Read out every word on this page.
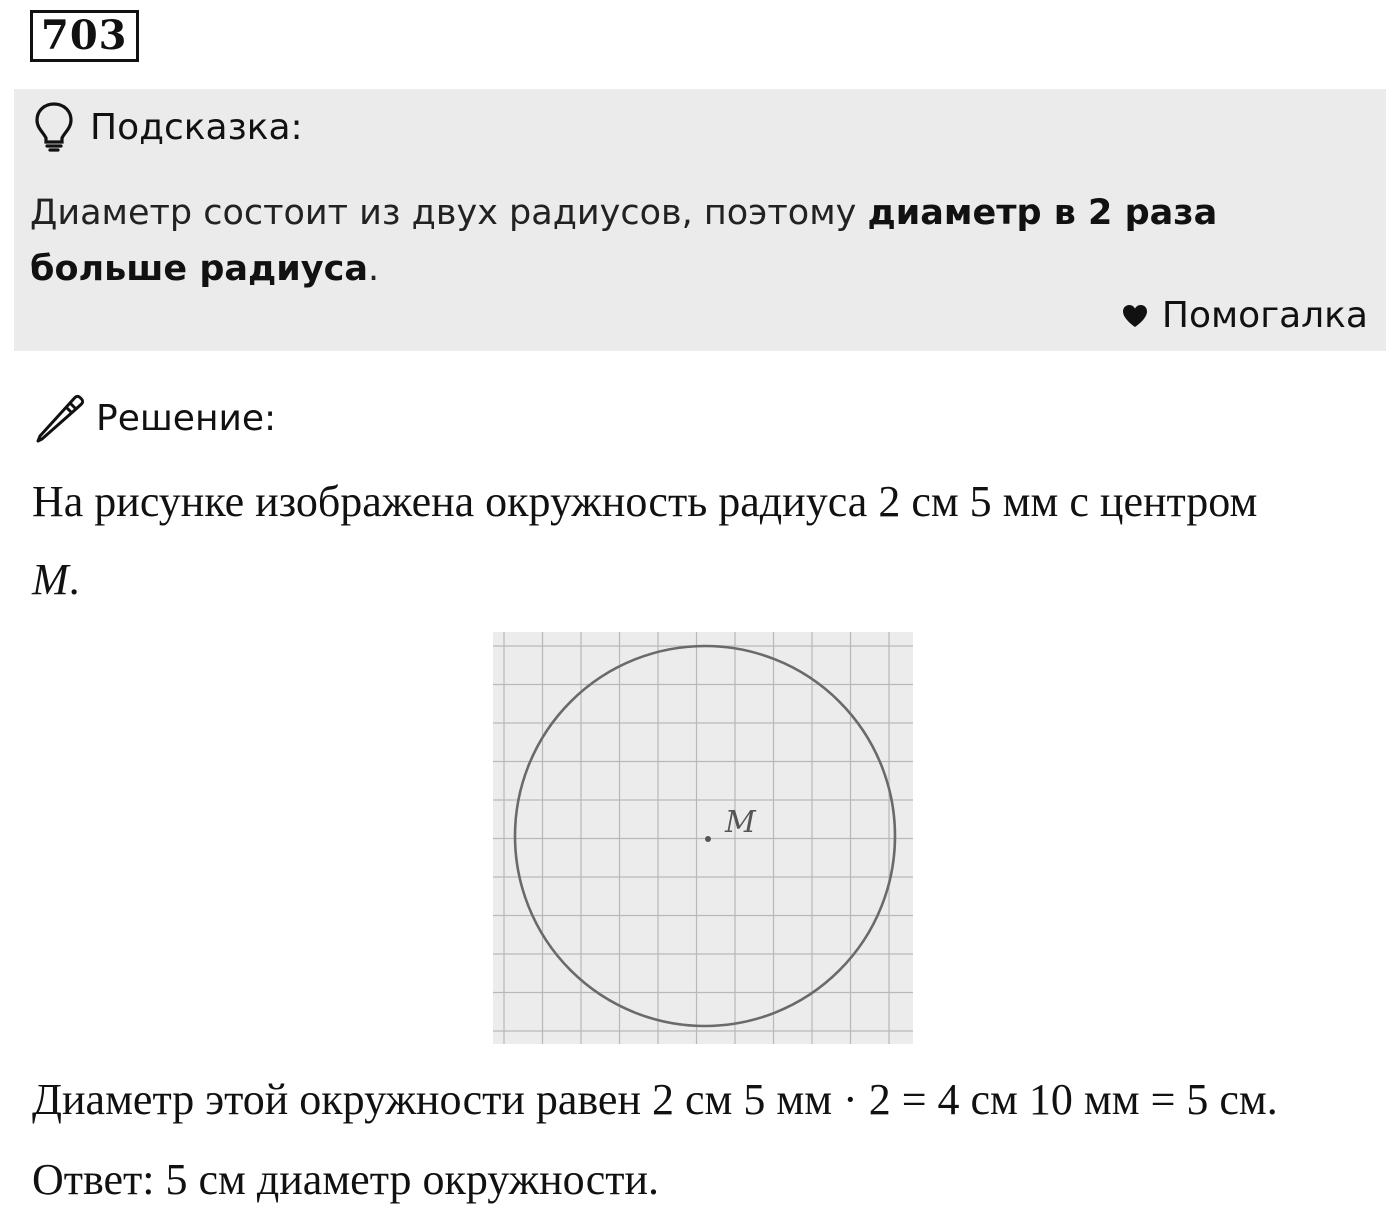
703
Подсказка:
Диаметр состоит из двух радиусов, поэтому диаметр в 2 раза больше радиуса.
Помогалка
Решение:
На рисунке изображена окружность радиуса 2 см 5 мм с центром
M.
M
Диаметр этой окружности равен 2 см 5 мм · 2 = 4 см 10 мм = 5 см.
Ответ: 5 см диаметр окружности.
